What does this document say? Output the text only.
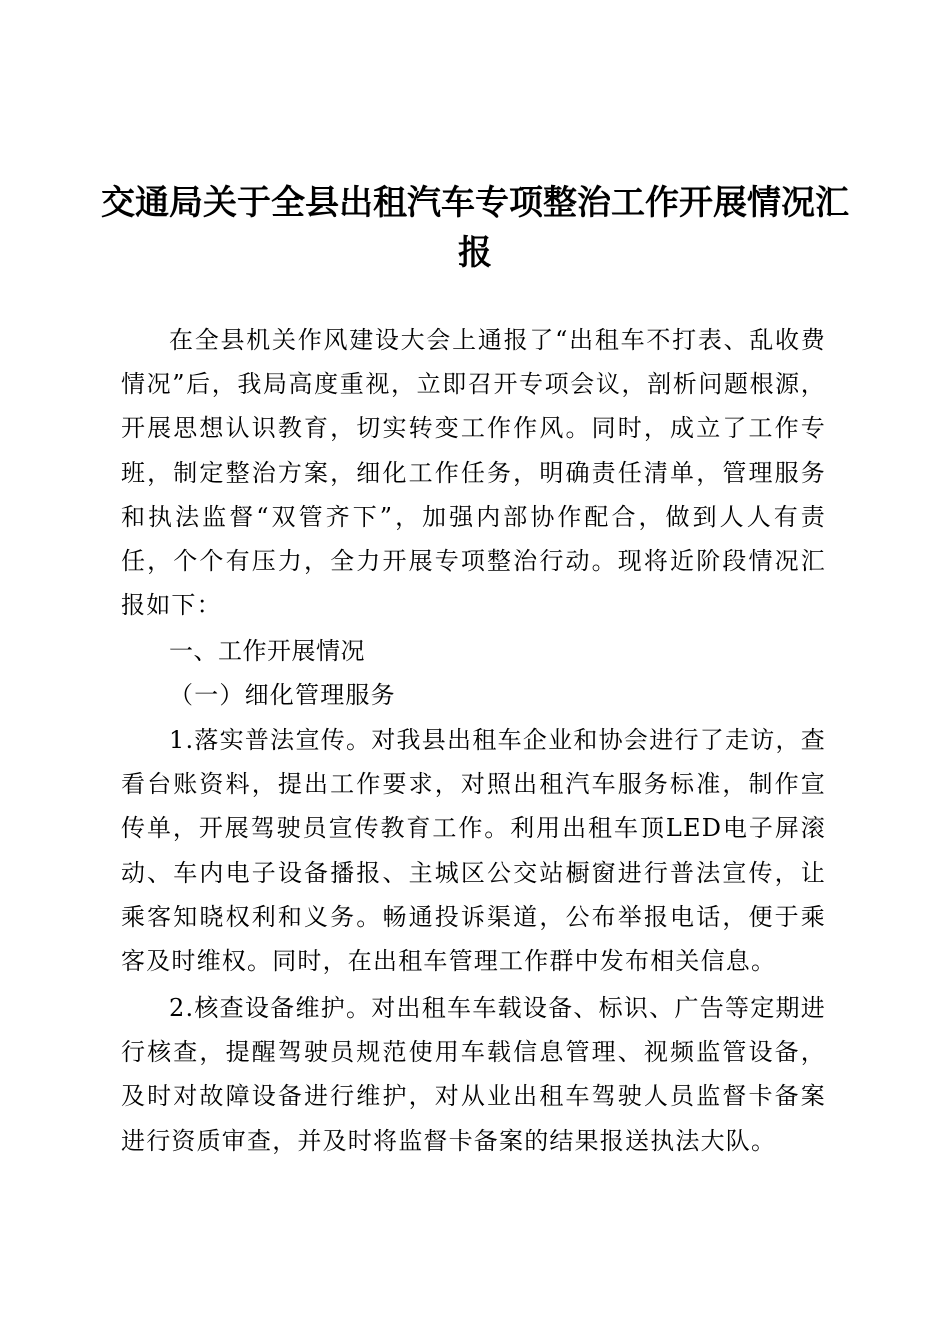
交通局关于全县出租汽车专项整治工作开展情况汇报

在全县机关作风建设大会上通报了“出租车不打表、乱收费情况”后，我局高度重视，立即召开专项会议，剖析问题根源，开展思想认识教育，切实转变工作作风。同时，成立了工作专班，制定整治方案，细化工作任务，明确责任清单，管理服务和执法监督“双管齐下”，加强内部协作配合，做到人人有责任，个个有压力，全力开展专项整治行动。现将近阶段情况汇报如下：

一、工作开展情况

（一）细化管理服务

1.落实普法宣传。对我县出租车企业和协会进行了走访，查看台账资料，提出工作要求，对照出租汽车服务标准，制作宣传单，开展驾驶员宣传教育工作。利用出租车顶LED电子屏滚动、车内电子设备播报、主城区公交站橱窗进行普法宣传，让乘客知晓权利和义务。畅通投诉渠道，公布举报电话，便于乘客及时维权。同时，在出租车管理工作群中发布相关信息。

2.核查设备维护。对出租车车载设备、标识、广告等定期进行核查，提醒驾驶员规范使用车载信息管理、视频监管设备，及时对故障设备进行维护，对从业出租车驾驶人员监督卡备案进行资质审查，并及时将监督卡备案的结果报送执法大队。
